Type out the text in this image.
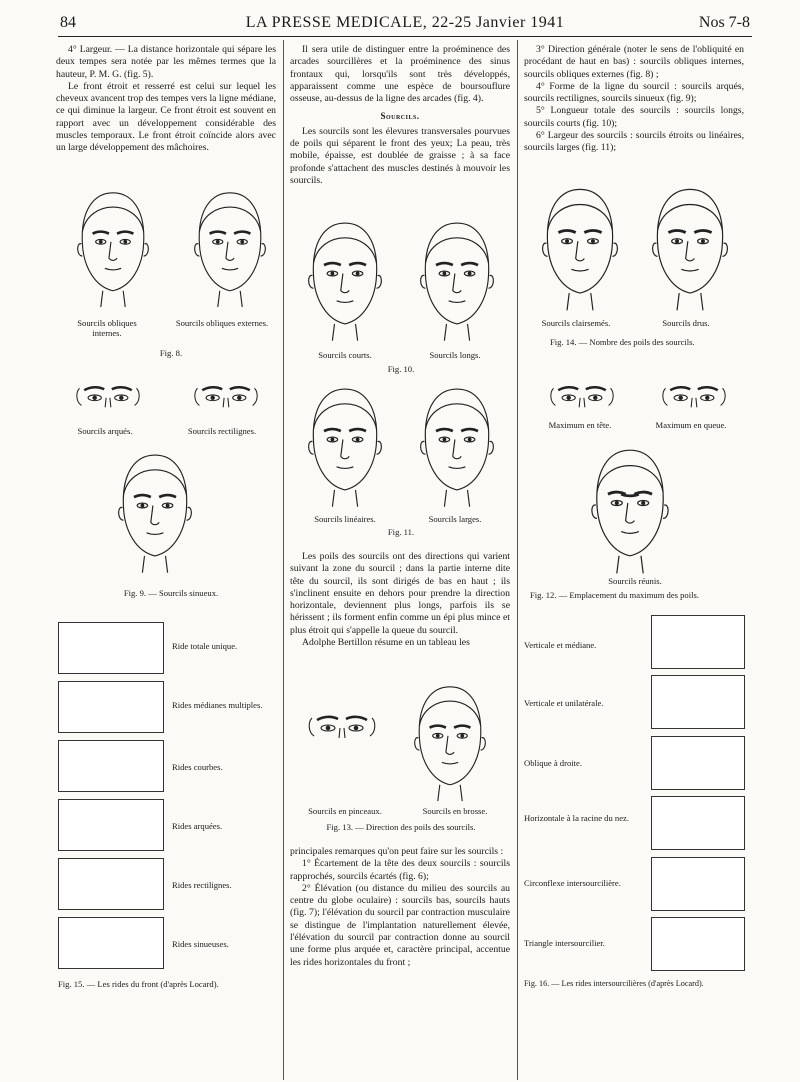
84	LA PRESSE MEDICALE, 22-25 Janvier 1941	Nos 7-8

4° Largeur. — La distance horizontale qui sépare les deux tempes sera notée par les mêmes termes que la hauteur, P. M. G. (fig. 5).

Le front étroit et resserré est celui sur lequel les cheveux avancent trop des tempes vers la ligne médiane, ce qui diminue la largeur. Ce front étroit est souvent en rapport avec un développement considérable des muscles temporaux. Le front étroit coïncide alors avec un large développement des mâchoires.

Sourcils obliques internes.
Sourcils obliques externes.
Fig. 8.
Sourcils arqués.	Sourcils rectilignes.
Fig. 9. — Sourcils sinueux.
Ride totale unique.
Rides médianes multiples.
Rides courbes.
Rides arquées.
Rides rectilignes.
Rides sinueuses.
Fig. 15. — Les rides du front (d'après Locard).

Il sera utile de distinguer entre la proéminence des arcades sourcillères et la proéminence des sinus frontaux qui, lorsqu'ils sont très développés, apparaissent comme une espèce de boursouflure osseuse, au-dessus de la ligne des arcades (fig. 4).

Sourcils.

Les sourcils sont les élevures transversales pourvues de poils qui séparent le front des yeux; La peau, très mobile, épaisse, est doublée de graisse ; à sa face profonde s'attachent des muscles destinés à mouvoir les sourcils.

Sourcils courts.	Sourcils longs.
Fig. 10.
Sourcils linéaires.	Sourcils larges.
Fig. 11.

Les poils des sourcils ont des directions qui varient suivant la zone du sourcil ; dans la partie interne dite tête du sourcil, ils sont dirigés de bas en haut ; ils s'inclinent ensuite en dehors pour prendre la direction horizontale, deviennent plus longs, parfois ils se hérissent ; ils forment enfin comme un épi plus mince et plus étroit qui s'appelle la queue du sourcil.

Adolphe Bertillon résume en un tableau les

Sourcils en pinceaux.	Sourcils en brosse.
Fig. 13. — Direction des poils des sourcils.

principales remarques qu'on peut faire sur les sourcils :

1° Écartement de la tête des deux sourcils : sourcils rapprochés, sourcils écartés (fig. 6);

2° Élévation (ou distance du milieu des sourcils au centre du globe oculaire) : sourcils bas, sourcils hauts (fig. 7); l'élévation du sourcil par contraction musculaire se distingue de l'implantation naturellement élevée, l'élévation du sourcil par contraction donne au sourcil une forme plus arquée et, caractère principal, accentue les rides horizontales du front ;

3° Direction générale (noter le sens de l'obliquité en procédant de haut en bas) : sourcils obliques internes, sourcils obliques externes (fig. 8) ;

4° Forme de la ligne du sourcil : sourcils arqués, sourcils rectilignes, sourcils sinueux (fig. 9);

5° Longueur totale des sourcils : sourcils longs, sourcils courts (fig. 10);

6° Largeur des sourcils : sourcils étroits ou linéaires, sourcils larges (fig. 11);

Sourcils clairsemés.	Sourcils drus.
Fig. 14. — Nombre des poils des sourcils.
Maximum en tête.	Maximum en queue.
Sourcils réunis.
Fig. 12. — Emplacement du maximum des poils.
Verticale et médiane.
Verticale et unilatérale.
Oblique à droite.
Horizontale à la racine du nez.
Circonflexe intersourcilière.
Triangle intersourcilier.
Fig. 16. — Les rides intersourcilières (d'après Locard).
